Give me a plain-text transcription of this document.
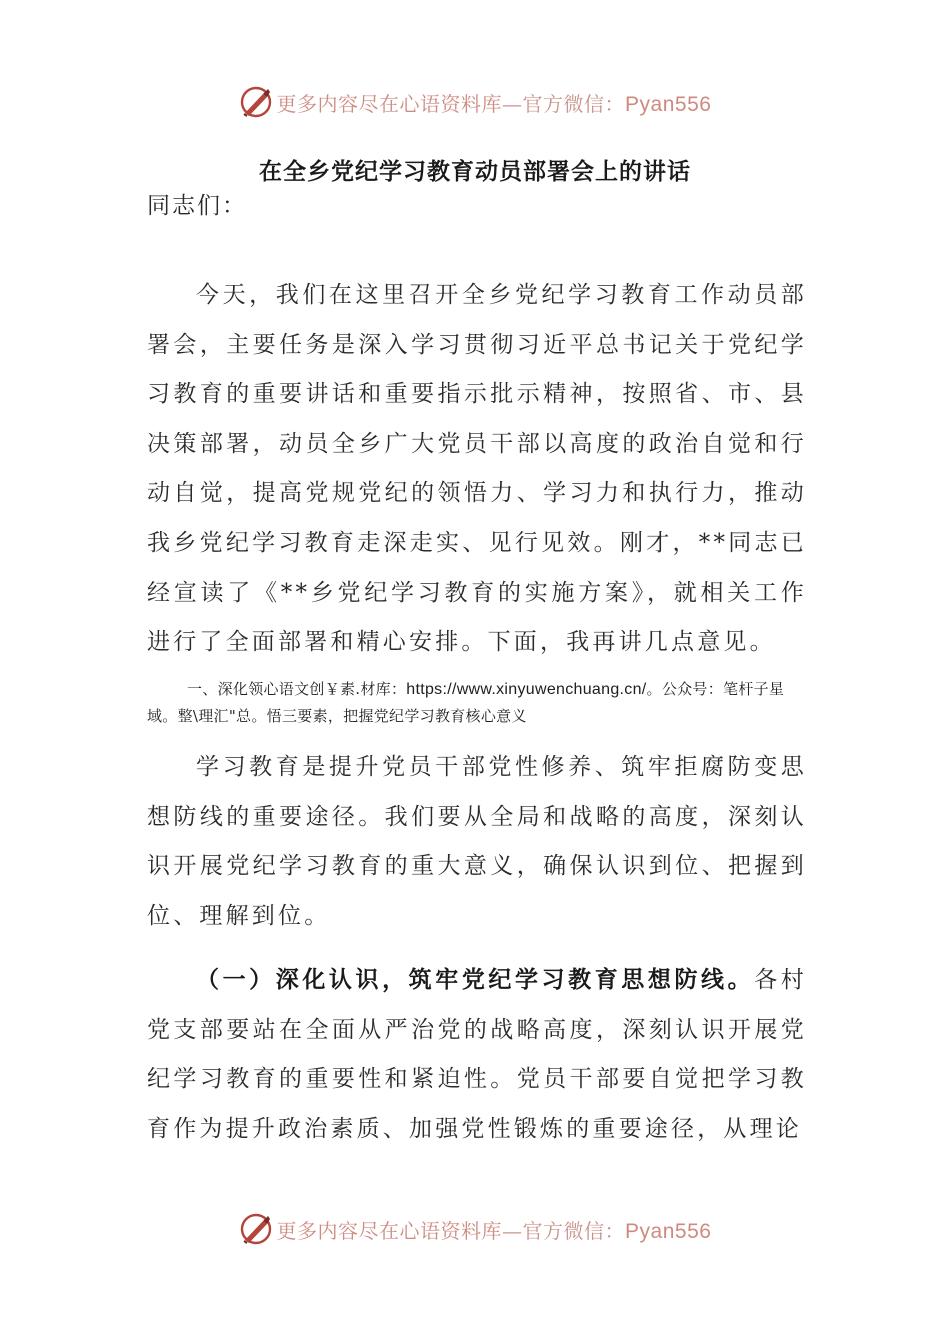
更多内容尽在心语资料库—官方微信：Pyan556
在全乡党纪学习教育动员部署会上的讲话
同志们：

今天，我们在这里召开全乡党纪学习教育工作动员部署会，主要任务是深入学习贯彻习近平总书记关于党纪学习教育的重要讲话和重要指示批示精神，按照省、市、县决策部署，动员全乡广大党员干部以高度的政治自觉和行动自觉，提高党规党纪的领悟力、学习力和执行力，推动我乡党纪学习教育走深走实、见行见效。刚才，**同志已经宣读了《**乡党纪学习教育的实施方案》，就相关工作进行了全面部署和精心安排。下面，我再讲几点意见。

一、深化领心语文创￥素.材库：https://www.xinyuwenchuang.cn/。公众号：笔杆子星域。整\理汇"总。悟三要素，把握党纪学习教育核心意义

学习教育是提升党员干部党性修养、筑牢拒腐防变思想防线的重要途径。我们要从全局和战略的高度，深刻认识开展党纪学习教育的重大意义，确保认识到位、把握到位、理解到位。

（一）深化认识，筑牢党纪学习教育思想防线。各村党支部要站在全面从严治党的战略高度，深刻认识开展党纪学习教育的重要性和紧迫性。党员干部要自觉把学习教育作为提升政治素质、加强党性锻炼的重要途径，从理论

更多内容尽在心语资料库—官方微信：Pyan556
